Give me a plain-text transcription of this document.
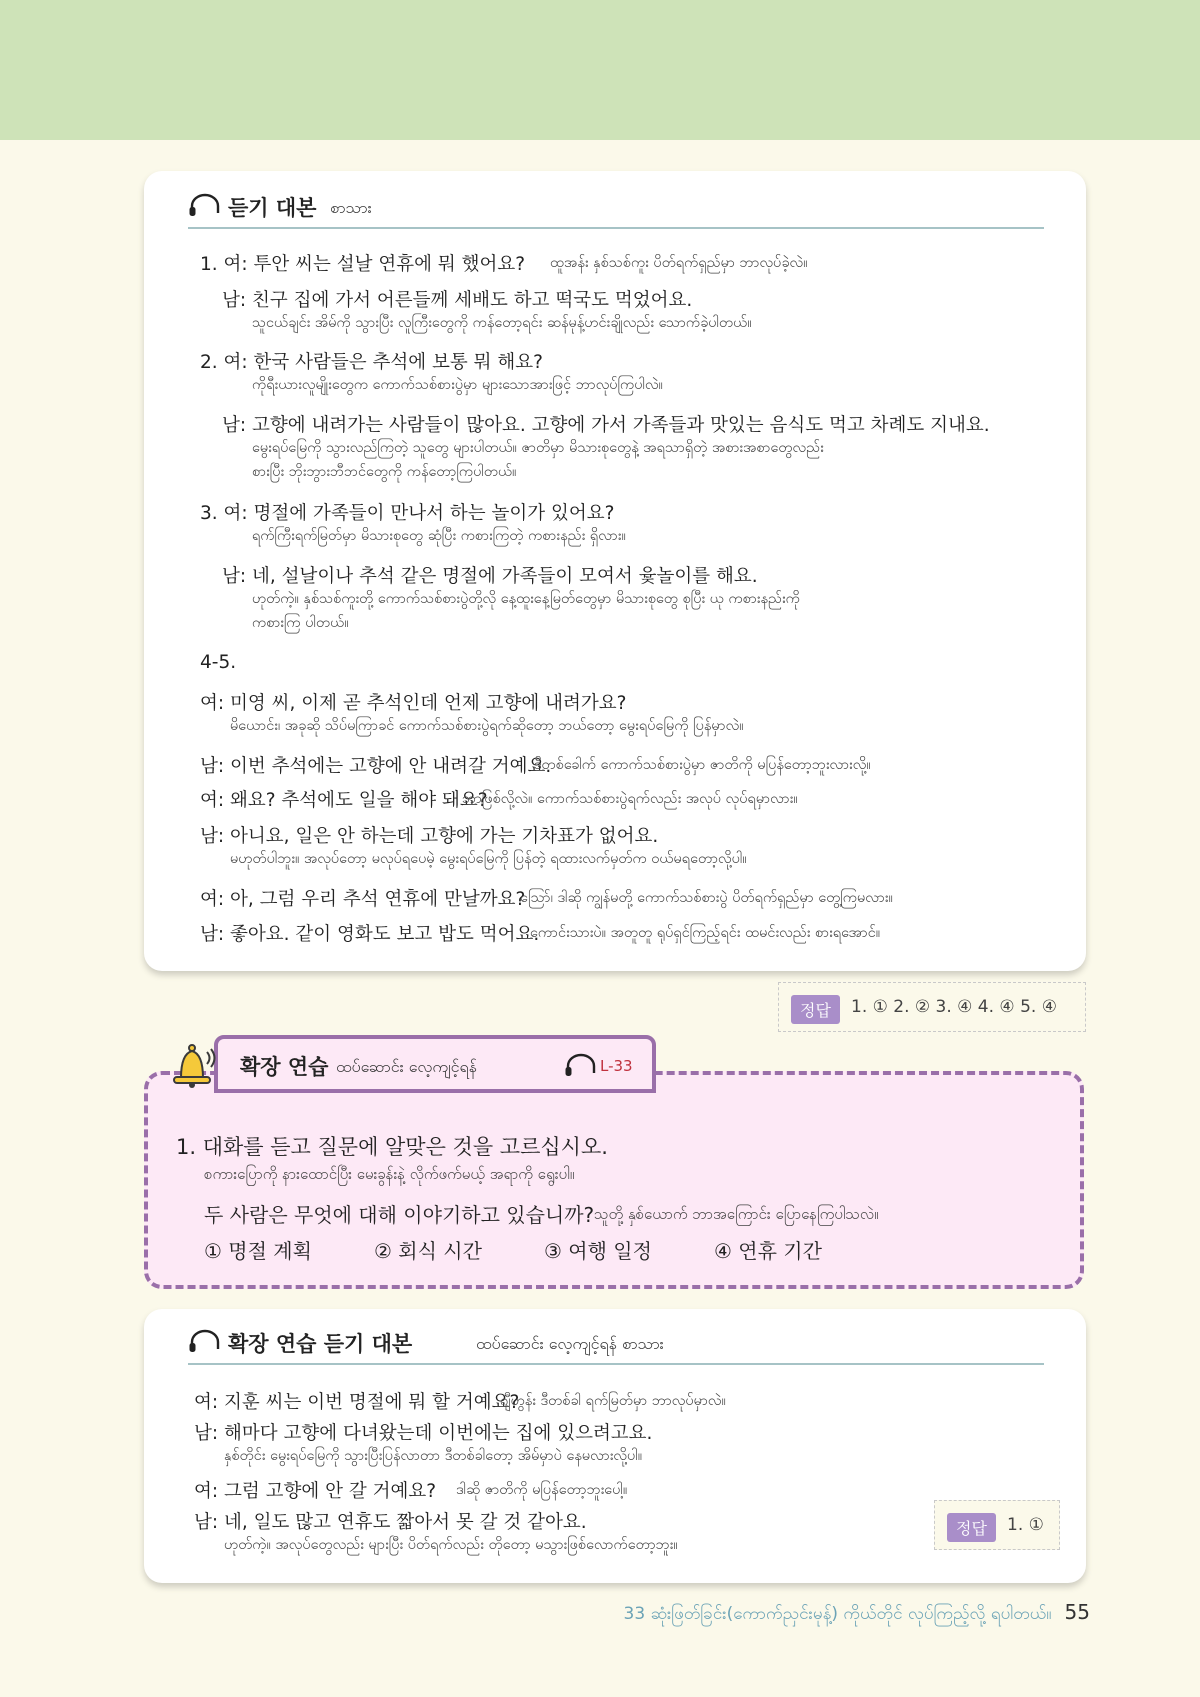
듣기 대본 စာသား
1. 여: 투안 씨는 설날 연휴에 뭐 했어요? ထူအန်း နှစ်သစ်ကူး ပိတ်ရက်ရှည်မှာ ဘာလုပ်ခဲ့လဲ။
남: 친구 집에 가서 어른들께 세배도 하고 떡국도 먹었어요.
သူငယ်ချင်း အိမ်ကို သွားပြီး လူကြီးတွေကို ကန်တော့ရင်း ဆန်မုန့်ဟင်းချိုလည်း သောက်ခဲ့ပါတယ်။
2. 여: 한국 사람들은 추석에 보통 뭐 해요?
ကိုရီးယားလူမျိုးတွေက ကောက်သစ်စားပွဲမှာ များသောအားဖြင့် ဘာလုပ်ကြပါလဲ။
남: 고향에 내려가는 사람들이 많아요. 고향에 가서 가족들과 맛있는 음식도 먹고 차례도 지내요.
မွေးရပ်မြေကို သွားလည်ကြတဲ့ သူတွေ များပါတယ်။ ဇာတိမှာ မိသားစုတွေနဲ့ အရသာရှိတဲ့ အစားအစာတွေလည်း
စားပြီး ဘိုးဘွားဘီဘင်တွေကို ကန်တော့ကြပါတယ်။
3. 여: 명절에 가족들이 만나서 하는 놀이가 있어요?
ရက်ကြီးရက်မြတ်မှာ မိသားစုတွေ ဆုံပြီး ကစားကြတဲ့ ကစားနည်း ရှိလား။
남: 네, 설날이나 추석 같은 명절에 가족들이 모여서 윷놀이를 해요.
ဟုတ်ကဲ့။ နှစ်သစ်ကူးတို့ ကောက်သစ်စားပွဲတို့လို နေ့ထူးနေ့မြတ်တွေမှာ မိသားစုတွေ စုပြီး ယု ကစားနည်းကို
ကစားကြ ပါတယ်။
4-5.
여: 미영 씨, 이제 곧 추석인데 언제 고향에 내려가요?
မိယောင်း၊ အခုဆို သိပ်မကြာခင် ကောက်သစ်စားပွဲရက်ဆိုတော့ ဘယ်တော့ မွေးရပ်မြေကို ပြန်မှာလဲ။
남: 이번 추석에는 고향에 안 내려갈 거예요.
ဒီတစ်ခေါက် ကောက်သစ်စားပွဲမှာ ဇာတိကို မပြန်တော့ဘူးလားလို့။
여: 왜요? 추석에도 일을 해야 돼요?
ဘာဖြစ်လို့လဲ။ ကောက်သစ်စားပွဲရက်လည်း အလုပ် လုပ်ရမှာလား။
남: 아니요, 일은 안 하는데 고향에 가는 기차표가 없어요.
မဟုတ်ပါဘူး။ အလုပ်တော့ မလုပ်ရပေမဲ့ မွေးရပ်မြေကို ပြန်တဲ့ ရထားလက်မှတ်က ဝယ်မရတော့လို့ပါ။
여: 아, 그럼 우리 추석 연휴에 만날까요?
သြော်၊ ဒါဆို ကျွန်မတို့ ကောက်သစ်စားပွဲ ပိတ်ရက်ရှည်မှာ တွေ့ကြမလား။
남: 좋아요. 같이 영화도 보고 밥도 먹어요.
ကောင်းသားပဲ။ အတူတူ ရုပ်ရှင်ကြည့်ရင်း ထမင်းလည်း စားရအောင်။
정답	1. ① 2. ② 3. ④ 4. ④ 5. ④
1. 대화를 듣고 질문에 알맞은 것을 고르십시오.
စကားပြောကို နားထောင်ပြီး မေးခွန်းနဲ့ လိုက်ဖက်မယ့် အရာကို ရွေးပါ။
두 사람은 무엇에 대해 이야기하고 있습니까? သူတို့ နှစ်ယောက် ဘာအကြောင်း ပြောနေကြပါသလဲ။
① 명절 계획	② 회식 시간	③ 여행 일정	④ 연휴 기간
확장 연습 ထပ်ဆောင်း လေ့ကျင့်ရန်	L-33
확장 연습 듣기 대본	ထပ်ဆောင်း လေ့ကျင့်ရန် စာသား
여: 지훈 씨는 이번 명절에 뭐 할 거예요?
ဂျီဟွန်း ဒီတစ်ခါ ရက်မြတ်မှာ ဘာလုပ်မှာလဲ။
남: 해마다 고향에 다녀왔는데 이번에는 집에 있으려고요.
နှစ်တိုင်း မွေးရပ်မြေကို သွားပြီးပြန်လာတာ ဒီတစ်ခါတော့ အိမ်မှာပဲ နေမလားလို့ပါ။
여: 그럼 고향에 안 갈 거예요? ဒါဆို ဇာတိကို မပြန်တော့ဘူးပေါ့။
남: 네, 일도 많고 연휴도 짧아서 못 갈 것 같아요.
ဟုတ်ကဲ့။ အလုပ်တွေလည်း များပြီး ပိတ်ရက်လည်း တိုတော့ မသွားဖြစ်လောက်တော့ဘူး။
정답	1. ①
33 ဆုံးဖြတ်ခြင်း(ကောက်ညှင်းမုန့်) ကိုယ်တိုင် လုပ်ကြည့်လို့ ရပါတယ်။ 55
